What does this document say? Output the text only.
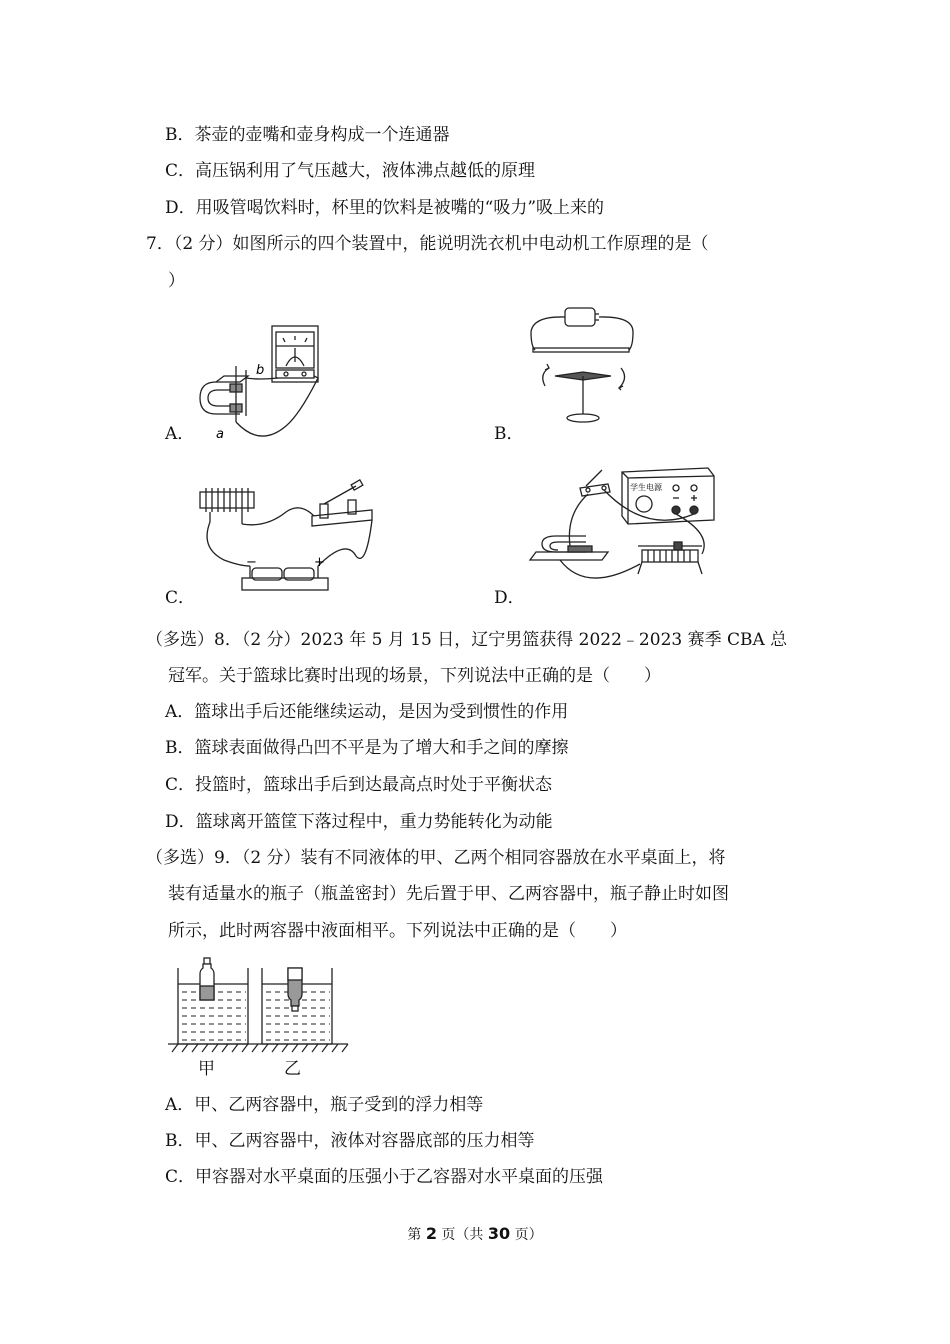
B．茶壶的壶嘴和壶身构成一个连通器
C．高压锅利用了气压越大，液体沸点越低的原理
D．用吸管喝饮料时，杯里的饮料是被嘴的“吸力”吸上来的
7．（2 分）如图所示的四个装置中，能说明洗衣机中电动机工作原理的是（
）
b
a
A．	B．
−	+
C．
学生电源
D．
（多选）8．（2 分）2023 年 5 月 15 日，辽宁男篮获得 2022﹣2023 赛季 CBA 总
冠军。关于篮球比赛时出现的场景，下列说法中正确的是（　　）
A．篮球出手后还能继续运动，是因为受到惯性的作用
B．篮球表面做得凸凹不平是为了增大和手之间的摩擦
C．投篮时，篮球出手后到达最高点时处于平衡状态
D．篮球离开篮筐下落过程中，重力势能转化为动能
（多选）9．（2 分）装有不同液体的甲、乙两个相同容器放在水平桌面上，将
装有适量水的瓶子（瓶盖密封）先后置于甲、乙两容器中，瓶子静止时如图
所示，此时两容器中液面相平。下列说法中正确的是（　　）
甲	乙
A．甲、乙两容器中，瓶子受到的浮力相等
B．甲、乙两容器中，液体对容器底部的压力相等
C．甲容器对水平桌面的压强小于乙容器对水平桌面的压强
第 2 页（共 30 页）
